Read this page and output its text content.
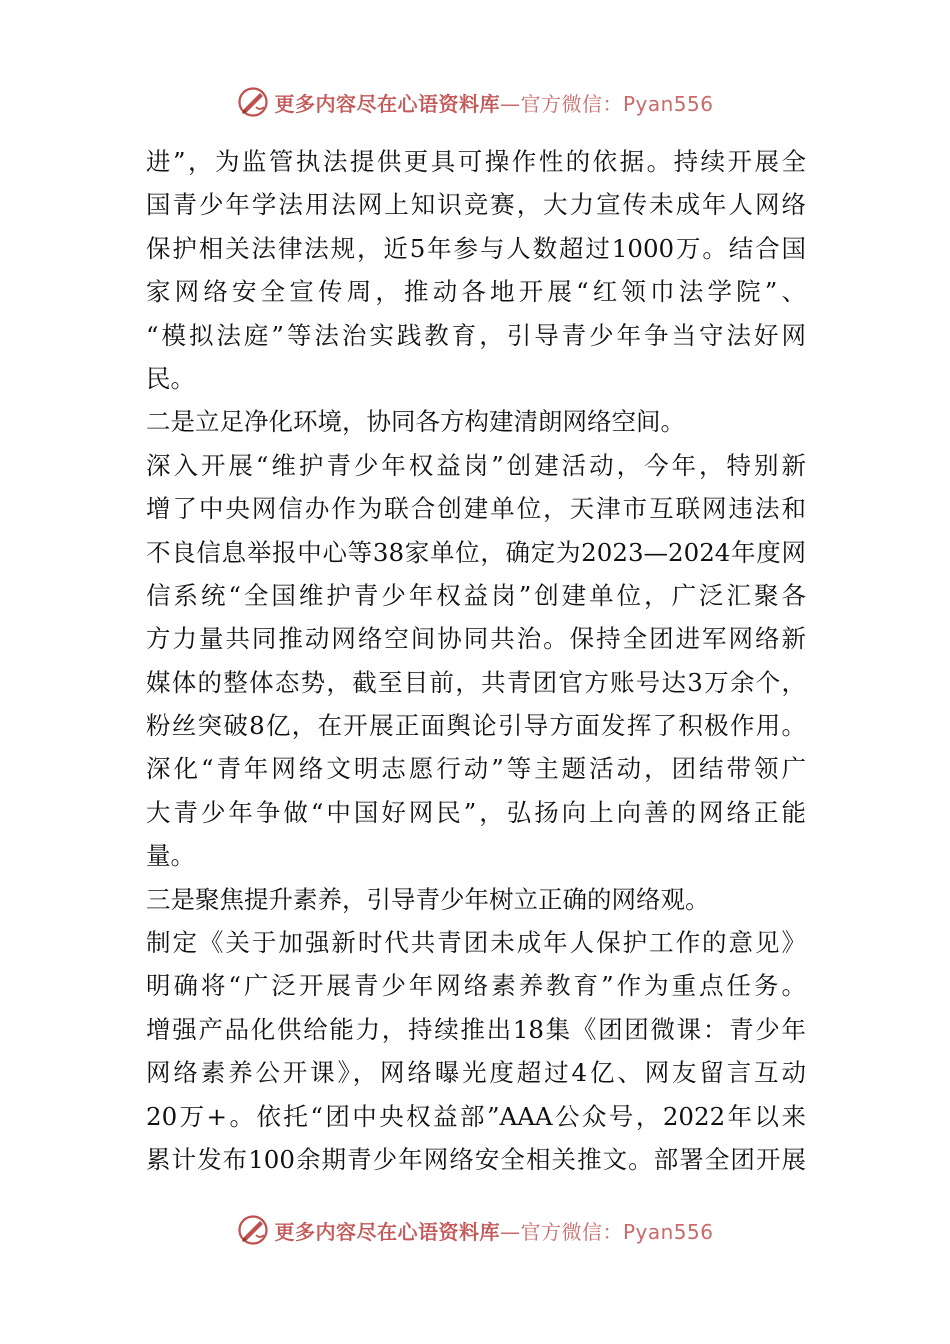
更多内容尽在心语资料库—官方微信：Pyan556
进”，为监管执法提供更具可操作性的依据。持续开展全
国青少年学法用法网上知识竞赛，大力宣传未成年人网络
保护相关法律法规，近5年参与人数超过1000万。结合国
家网络安全宣传周，推动各地开展“红领巾法学院”、
“模拟法庭”等法治实践教育，引导青少年争当守法好网
民。
二是立足净化环境，协同各方构建清朗网络空间。
深入开展“维护青少年权益岗”创建活动，今年，特别新
增了中央网信办作为联合创建单位，天津市互联网违法和
不良信息举报中心等38家单位，确定为2023—2024年度网
信系统“全国维护青少年权益岗”创建单位，广泛汇聚各
方力量共同推动网络空间协同共治。保持全团进军网络新
媒体的整体态势，截至目前，共青团官方账号达3万余个，
粉丝突破8亿，在开展正面舆论引导方面发挥了积极作用。
深化“青年网络文明志愿行动”等主题活动，团结带领广
大青少年争做“中国好网民”，弘扬向上向善的网络正能
量。
三是聚焦提升素养，引导青少年树立正确的网络观。
制定《关于加强新时代共青团未成年人保护工作的意见》
明确将“广泛开展青少年网络素养教育”作为重点任务。
增强产品化供给能力，持续推出18集《团团微课：青少年
网络素养公开课》，网络曝光度超过4亿、网友留言互动
20万+。依托“团中央权益部”AAA公众号，2022年以来
累计发布100余期青少年网络安全相关推文。部署全团开展
更多内容尽在心语资料库—官方微信：Pyan556
